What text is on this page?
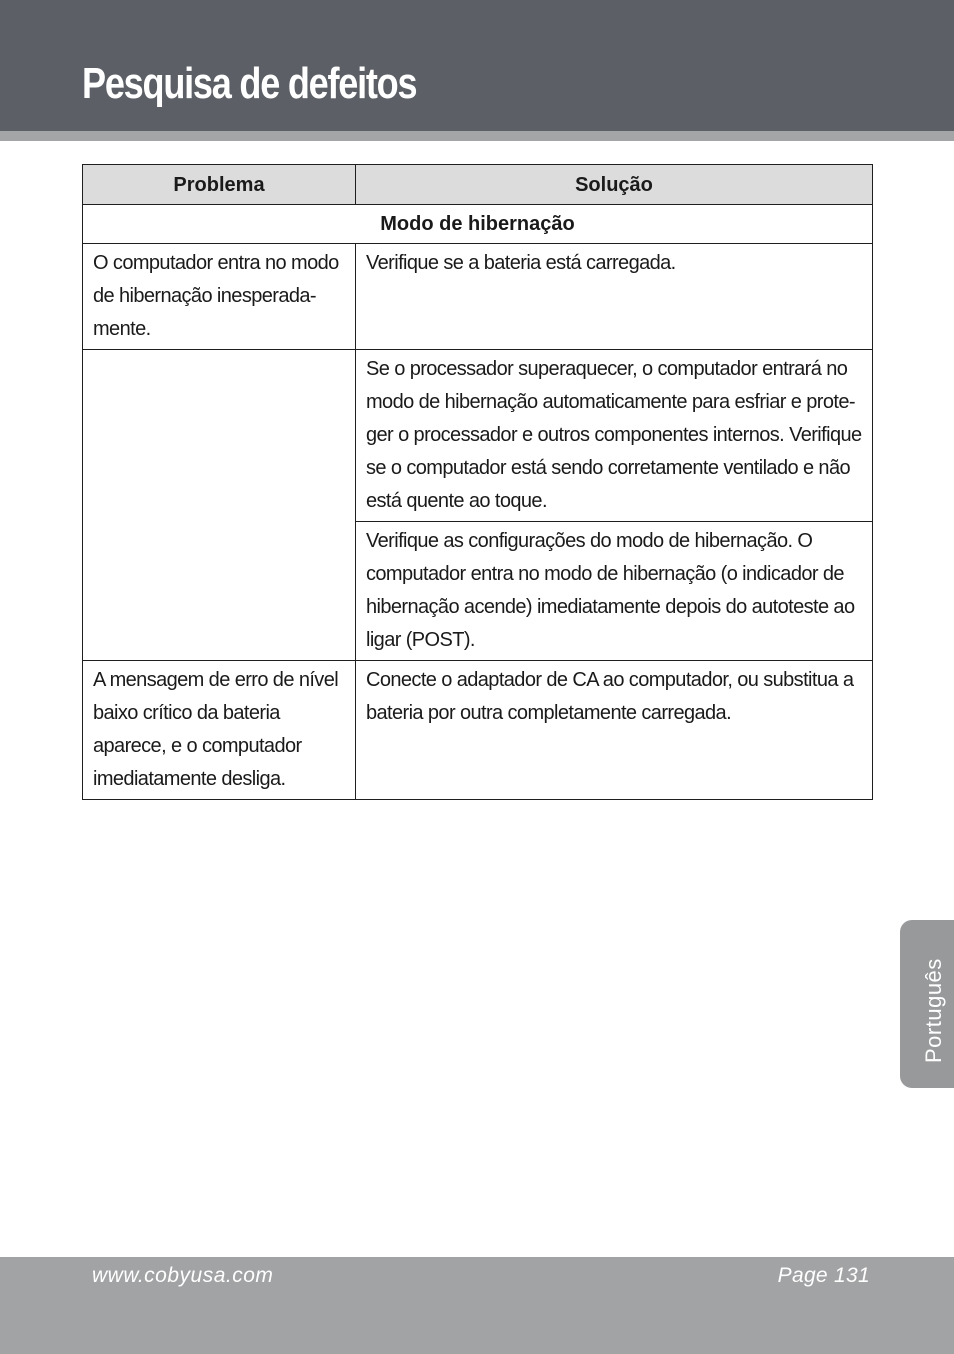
Pesquisa de defeitos
Problema	Solução
Modo de hibernação	

O computador entra no modo de hibernação inesperada-mente.	Verifique se a bateria está carregada.

	Se o processador superaquecer, o computador entrará no modo de hibernação automaticamente para esfriar e prote-ger o processador e outros componentes internos. Verifique se o computador está sendo corretamente ventilado e não está quente ao toque.

	Verifique as configurações do modo de hibernação. O computador entra no modo de hibernação (o indicador de hibernação acende) imediatamente depois do autoteste ao ligar (POST).

A mensagem de erro de nível baixo crítico da bateria aparece, e o computador imediatamente desliga.	Conecte o adaptador de CA ao computador, ou substitua a bateria por outra completamente carregada.
Português
www.cobyusa.com	Page 131
